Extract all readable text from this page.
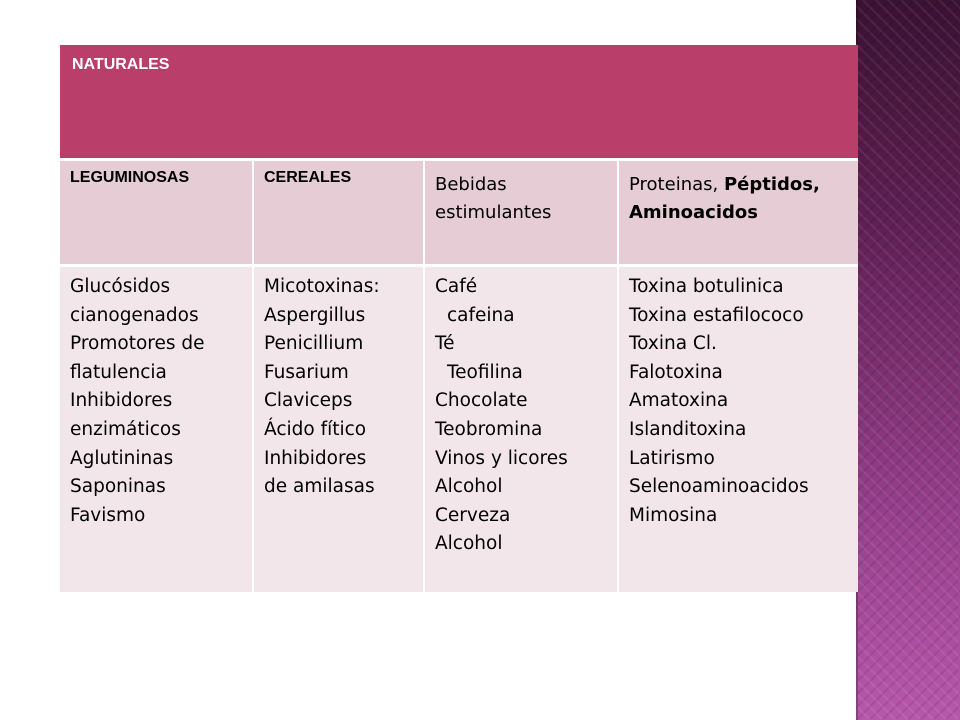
NATURALES
LEGUMINOSAS	CEREALES	Bebidas
estimulantes
Proteinas, Péptidos,
Aminoacidos
Glucósidos
cianogenados
Promotores de
flatulencia
Inhibidores
enzimáticos
Aglutininas
Saponinas
Favismo
Micotoxinas:
Aspergillus
Penicillium
Fusarium
Claviceps
Ácido fítico
Inhibidores
de amilasas
Café
cafeina
Té
Teofilina
Chocolate
Teobromina
Vinos y licores
Alcohol
Cerveza
Alcohol
Toxina botulinica
Toxina estafilococo
Toxina Cl.
Falotoxina
Amatoxina
Islanditoxina
Latirismo
Selenoaminoacidos
Mimosina
